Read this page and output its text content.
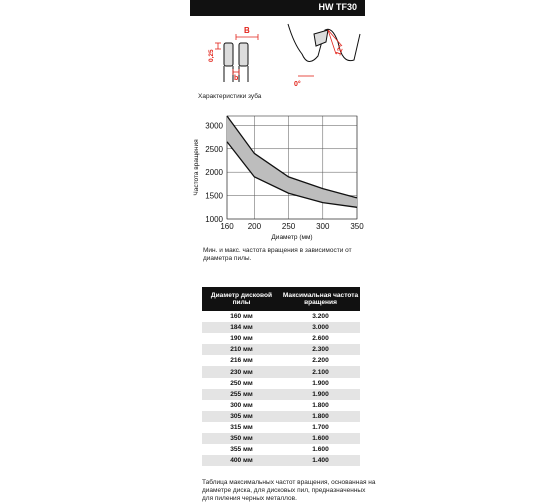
HW TF30
B
b
0,25	12°
0°
Характеристики зуба
160 200	250	300	350
1000
1500
2000
2500
3000
Диаметр (мм)
Частота вращения
Мин. и макс. частота вращения в зависимости от диаметра пилы.
Диаметр дисковой пилы
Максимальная частота вращения
160 мм	3.200
184 мм	3.000
190 мм	2.600
210 мм	2.300
216 мм	2.200
230 мм	2.100
250 мм	1.900
255 мм	1.900
300 мм	1.800
305 мм	1.800
315 мм	1.700
350 мм	1.600
355 мм	1.600
400 мм	1.400
Таблица максимальных частот вращения, основанная на диаметре диска, для дисковых пил, предназначенных для пиления черных металлов.
